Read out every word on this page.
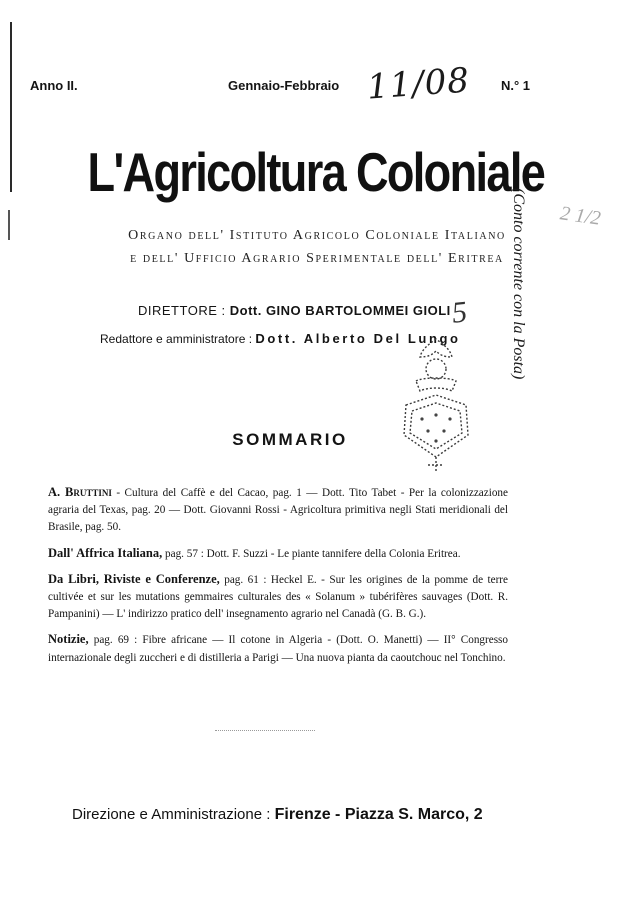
Anno II.	Gennaio-Febbraio	N.° 1
11/08
L'Agricoltura Coloniale
Organo dell' Istituto Agricolo Coloniale Italiano
e dell' Ufficio Agrario Sperimentale dell' Eritrea (Conto corrente con la Posta) 2 1/2
DIRETTORE : Dott. GINO BARTOLOMMEI GIOLI
Redattore e amministratore : Dott. Alberto Del Lungo
5
SOMMARIO

A. Bruttini - Cultura del Caffè e del Cacao, pag. 1 — Dott. Tito Tabet - Per la colonizzazione agraria del Texas, pag. 20 — Dott. Giovanni Rossi - Agricoltura primitiva negli Stati meridionali del Brasile, pag. 50.

Dall' Affrica Italiana, pag. 57 : Dott. F. Suzzi - Le piante tannifere della Colonia Eritrea.

Da Libri, Riviste e Conferenze, pag. 61 : Heckel E. - Sur les origines de la pomme de terre cultivée et sur les mutations gemmaires culturales des « Solanum » tubérifères sauvages (Dott. R. Pampanini) — L' indirizzo pratico dell' insegnamento agrario nel Canadà (G. B. G.).

Notizie, pag. 69 : Fibre africane — Il cotone in Algeria - (Dott. O. Manetti) — II° Congresso internazionale degli zuccheri e di distilleria a Parigi — Una nuova pianta da caoutchouc nel Tonchino.

Direzione e Amministrazione : Firenze - Piazza S. Marco, 2
